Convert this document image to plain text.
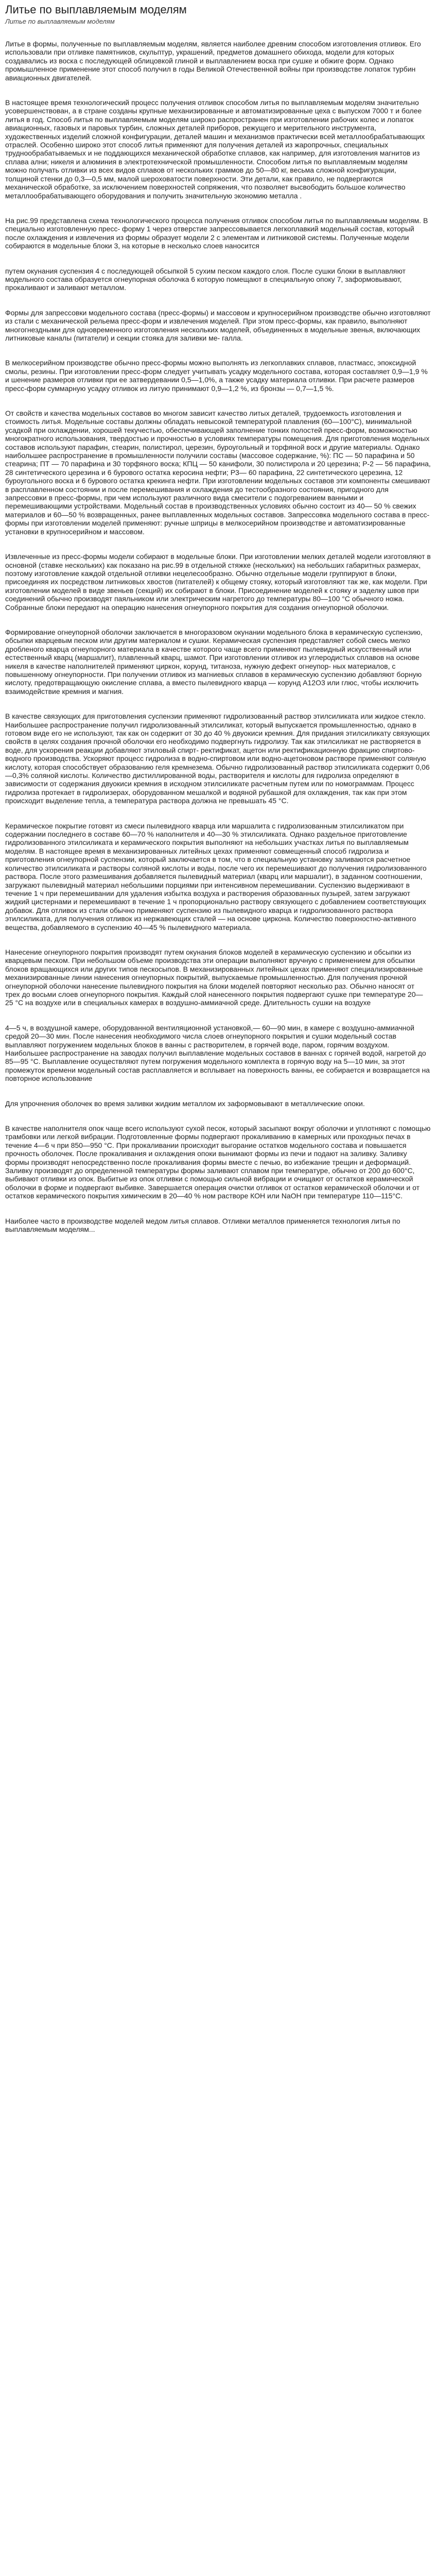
Литье по выплавляемым моделям
Литье по выплавляемым моделям

Литье в формы, полученные по выплавляемым моделям, является наиболее древним способом изготовления отливок. Его использовали при отливке памятников, скульптур, украшений, предметов домашнего обихода, модели для которых создавались из воска с последующей облицовкой глиной и выплавлением воска при сушке и обжиге форм. Однако промышленное применение этот способ получил в годы Великой Отечественной войны при производстве лопаток турбин авиационных двигателей.

В настоящее время технологический процесс получения отливок способом литья по выплавляемым моделям значительно усовершенствован, а в стране созданы крупные механизированные и автоматизированные цеха с выпуском 7000 т и более литья в год. Способ литья по выплавляемым моделям широко распространен при изготовлении рабочих колес и лопаток авиационных, газовых и паровых турбин, сложных деталей приборов, режущего и мерительного инструмента, художественных изделий сложной конфигурации, деталей машин и механизмов практически всей металлообрабатывающих отраслей. Особенно широко этот способ литья применяют для получения деталей из жаропрочных, специальных труднообрабатываемых и не поддающихся механической обработке сплавов, как например, для изготовления магнитов из сплава ални; никеля и алюминия в электротехнической промышленности. Способом литья по выплавляемым моделям можно получать отливки из всех видов сплавов от нескольких граммов до 50—80 кг, весьма сложной конфигурации, толщиной стенки до 0,3—0,5 мм, малой шероховатости поверхности. Эти детали, как правило, не подвергаются механической обработке, за исключением поверхностей сопряжения, что позволяет высвободить большое количество металлообрабатывающего оборудования и получить значительную экономию металла .

На рис.99 представлена схема технологического процесса получения отливок способом литья по выплавляемым моделям. В специально изготовленную пресс- форму 1 через отверстие запрессовывается легкоплавкий модельный состав, который после охлаждения и извлечения из формы образует модели 2 с элементам и литниковой системы. Полученные модели собираются в модельные блоки 3, на которые в несколько слоев наносится

путем окунания суспензия 4 с последующей обсыпкой 5 сухим песком каждого слоя. После сушки блоки в выплавляют модельного состава образуется огнеупорная оболочка 6 которую помещают в специальную опоку 7, заформовывают, прокаливают и заливают металлом.

Формы для запрессовки модельного состава (пресс-формы) и массовом и крупносерийном производстве обычно изготовляют из стали с механической рельема пресс-форм и извлечения моделей. При этом пресс-формы, как правило, выполняют многогнездными для одновременного изготовления нескольких моделей, объединенных в модельные звенья, включающих литниковые каналы (питатели) и секции стояка для заливки ме- галла.

В мелкосерийном производстве обычно пресс-формы можно выполнять из легкоплавких сплавов, пластмасс, эпоксидной смолы, резины. При изготовлении пресс-форм следует учитывать усадку модельного состава, которая составляет 0,9—1,9 % и шенение размеров отливки при ее затвердевании 0,5—1,0%, а также усадку материала отливки. При расчете размеров пресс-форм суммарную усадку отливок из литую принимают 0,9—1,2 %, из бронзы — 0,7—1,5 %.

От свойств и качества модельных составов во многом зависит качество литых деталей, трудоемкость изготовления и стоимость литья. Модельные составы должны обладать невысокой температурой плавления (60—100°С), минимальной усадкой при охлаждении, хорошей текучестью, обеспечивающей заполнение тонких полостей пресс-форм, возможностью многократного использования, твердостью и прочностью в условиях температуры помещения. Для приготовления модельных составов используют парафин, стеарин, полистирол, церезин, буроугольный и торфяной воск и другие материалы. Однако наибольшее распространение в промышленности получили составы (массовое содержание, %): ПС — 50 парафина и 50 стеарина; ПТ — 70 парафина и 30 торфяного воска; КПЦ — 50 канифоли, 30 полистирола и 20 церезина; Р-2 — 56 парафина, 28 синтетического церезина и 6 бурового остатка керосина нефти; Р3— 60 парафина, 22 синтетического церезина, 12 буроугольного воска и 6 бурового остатка крекинга нефти. При изготовлении модельных составов эти компоненты смешивают в расплавленном состоянии и после перемешивания и охлаждения до тестообразного состояния, пригодного для запрессовки в пресс-формы, при чем используют различного вида смесители с подогреванием ванными и перемешивающими устройствами. Модельный состав в производственных условиях обычно состоит из 40— 50 % свежих материалов и 60—50 % возвращенных, ранее выплавленных модельных составов. Запрессовка модельного состава в пресс-формы при изготовлении моделей применяют: ручные шприцы в мелкосерийном производстве и автоматизированные установки в крупносерийном и массовом.

Извлеченные из пресс-формы модели собирают в модельные блоки. При изготовлении мелких деталей модели изготовляют в основной (ставке нескольких) как показано на рис.99 в отдельной стяжке (нескольких) на небольших габаритных размерах, поэтому изготовление каждой отдельной отливки нецелесообразно. Обычно отдельные модели группируют в блоки, присоединяя их посредством литниковых хвостов (питателей) к общему стояку, который изготовляют так же, как модели. При изготовлении моделей в виде звеньев (секций) их собирают в блоки. Присоединение моделей к стояку и заделку швов при соединений обычно производят паяльником или электрическим нагретого до температуры 80—100 °С обычного ножа. Собранные блоки передают на операцию нанесения огнеупорного покрытия для создания огнеупорной оболочки.

Формирование огнеупорной оболочки заключается в многоразовом окунании модельного блока в керамическую суспензию, обсыпки кварцевым песком или другим материалом и сушки. Керамическая суспензия представляет собой смесь мелко дробленого кварца огнеупорного материала в качестве которого чаще всего применяют пылевидный искусственный или естественный кварц (маршалит), плавленный кварц, шамот. При изготовлении отливок из углеродистых сплавов на основе никеля в качестве наполнителей применяют циркон, корунд, титаноза, нужную дефект огнеупор- ных материалов, с повышенному огнеупорности. При получении отливок из магниевых сплавов в керамическую суспензию добавляют борную кислоту, предотвращающую окисление сплава, а вместо пылевидного кварца — корунд А12О3 или глюс, чтобы исключить взаимодействие кремния и магния.

В качестве связующих для приготовления суспензии применяют гидролизованный раствор этилсиликата или жидкое стекло. Наибольшее распространение получил гидролизованный этилсиликат, который выпускается промышленностью, однако в готовом виде его не используют, так как он содержит от 30 до 40 % двуокиси кремния. Для придания этилсиликату связующих свойств в целях создания прочной оболочки его необходимо подвергнуть гидролизу. Так как этилсиликат не растворяется в воде, для ускорения реакции добавляют этиловый спирт- ректификат, ацетон или ректификационную фракцию спиртово-водного производства. Ускоряют процесс гидролиза в водно-спиртовом или водно-ацетоновом растворе применяют соляную кислоту, которая способствует образованию геля кремнезема. Обычно гидролизованный раствор этилсиликата содержит 0,06—0,3% соляной кислоты. Количество дистиллированной воды, растворителя и кислоты для гидролиза определяют в зависимости от содержания двуокиси кремния в исходном этилсиликате расчетным путем или по номограммам. Процесс гидролиза протекает в гидролизерах, оборудованном мешалкой и водяной рубашкой для охлаждения, так как при этом происходит выделение тепла, а температура раствора должна не превышать 45 °С.

Керамическое покрытие готовят из смеси пылевидного кварца или маршалита с гидролизованным этилсиликатом при содержании последнего в составе 60—70 % наполнителя и 40—30 % этилсиликата. Однако раздельное приготовление гидролизованного этилсиликата и керамического покрытия выполняют на небольших участках литья по выплавляемым моделям. В настоящее время в механизированных литейных цехах применяют совмещенный способ гидролиза и приготовления огнеупорной суспензии, который заключается в том, что в специальную установку заливаются расчетное количество этилсиликата и растворы соляной кислоты и воды, после чего их перемешивают до получения гидролизованного раствора. После этого размешивания добавляется пылевидный материал (кварц или маршалит), в заданном соотношении, загружают пылевидный материал небольшими порциями при интенсивном перемешивании. Суспензию выдерживают в течение 1 ч при перемешивании для удаления избытка воздуха и растворения образованных пузырей, затем загружают жидкий цистернами и перемешивают в течение 1 ч пропорционально раствору связующего с добавлением соответствующих добавок. Для отливок из стали обычно применяют суспензию из пылевидного кварца и гидролизованного раствора этилсиликата, для получения отливок из нержавеющих сталей — на основе циркона. Количество поверхностно-активного вещества, добавляемого в суспензию 40—45 % пылевидного материала.

Нанесение огнеупорного покрытия производят путем окунания блоков моделей в керамическую суспензию и обсыпки из кварцевым песком. При небольшом объеме производства эти операции выполняют вручную с применением для обсыпки блоков вращающихся или других типов пескосыпов. В механизированных литейных цехах применяют специализированные механизированные линии нанесения огнеупорных покрытий, выпускаемые промышленностью. Для получения прочной огнеупорной оболочки нанесение пылевидного покрытия на блоки моделей повторяют несколько раз. Обычно наносят от трех до восьми слоев огнеупорного покрытия. Каждый слой нанесенного покрытия подвергают сушке при температуре 20—25 °С на воздухе или в специальных камерах в воздушно-аммиачной среде. Длительность сушки на воздухе

4—5 ч, в воздушной камере, оборудованной вентиляционной установкой,— 60—90 мин, в камере с воздушно-аммиачной средой 20—30 мин. После нанесения необходимого числа слоев огнеупорного покрытия и сушки модельный состав выплавляют погружением модельных блоков в ванны с растворителем, в горячей воде, паром, горячим воздухом. Наибольшее распространение на заводах получил выплавление модельных составов в ваннах с горячей водой, нагретой до 85—95 °С. Выплавление осуществляют путем погружения модельного комплекта в горячую воду на 5—10 мин, за этот промежуток времени модельный состав расплавляется и всплывает на поверхность ванны, ее собирается и возвращается на повторное использование

Для упрочнения оболочек во время заливки жидким металлом их заформовывают в металлические опоки.

В качестве наполнителя опок чаще всего используют сухой песок, который засыпают вокруг оболочки и уплотняют с помощью трамбовки или легкой вибрации. Подготовленные формы подвергают прокаливанию в камерных или проходных печах в течение 4—6 ч при 850—950 °С. При прокаливании происходит выгорание остатков модельного состава и повышается прочность оболочек. После прокаливания и охлаждения опоки вынимают формы из печи и подают на заливку. Заливку формы производят непосредственно после прокаливания формы вместе с печью, во избежание трещин и деформаций. Заливку производят до определенной температуры формы заливают сплавом при температуре, обычно от 200 до 600°С, выбивают отливки из опок. Выбитые из опок отливки с помощью сильной вибрации и очищают от остатков керамической оболочки в форме и подвергают выбивке. Завершается операция очистки отливок от остатков керамической оболочки и от остатков керамического покрытия химическим в 20—40 % ном растворе КОН или NaOH при температуре 110—115°С.

Наиболее часто в производстве моделей медом литья сплавов. Отливки металлов применяется технология литья по выплавляемым моделям...
